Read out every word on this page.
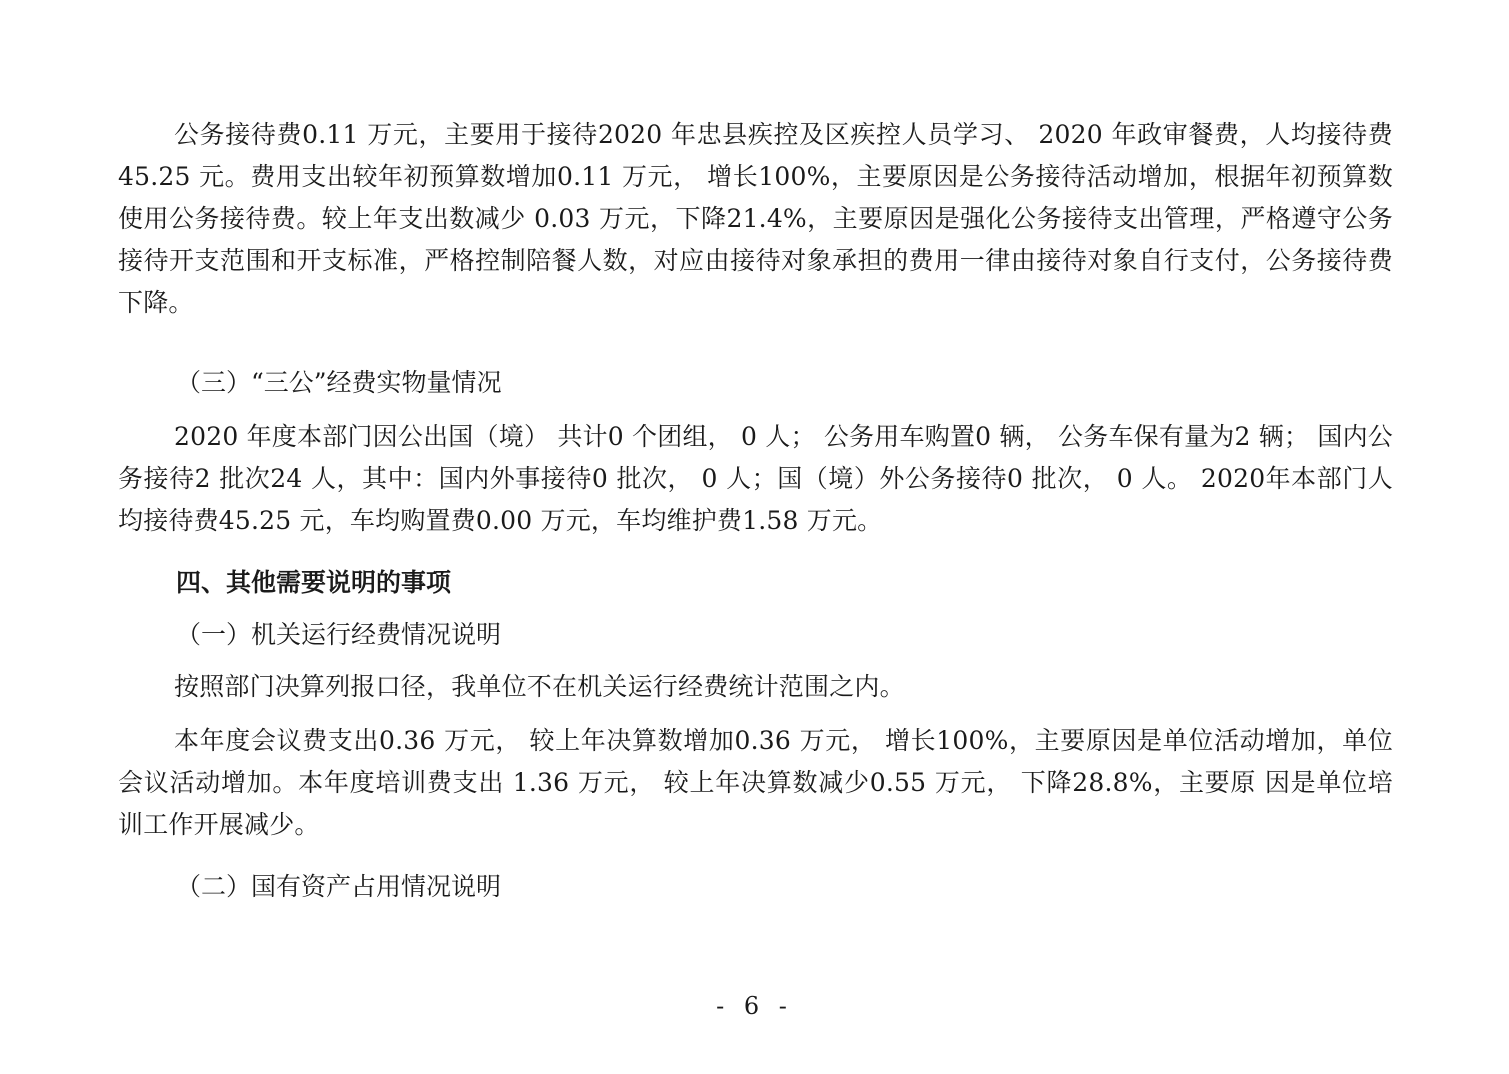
公务接待费0.11 万元，主要用于接待2020 年忠县疾控及区疾控人员学习、 2020 年政审餐费，人均接待费45.25 元。费用支出较年初预算数增加0.11 万元， 增长100%，主要原因是公务接待活动增加，根据年初预算数使用公务接待费。较上年支出数减少 0.03 万元，下降21.4%，主要原因是强化公务接待支出管理，严格遵守公务接待开支范围和开支标准，严格控制陪餐人数，对应由接待对象承担的费用一律由接待对象自行支付，公务接待费下降。

（三）“三公”经费实物量情况

2020 年度本部门因公出国（境） 共计0 个团组， 0 人； 公务用车购置0 辆， 公务车保有量为2 辆； 国内公务接待2 批次24 人，其中：国内外事接待0 批次， 0 人；国（境）外公务接待0 批次， 0 人。 2020年本部门人均接待费45.25 元，车均购置费0.00 万元，车均维护费1.58 万元。

四、其他需要说明的事项

（一）机关运行经费情况说明

按照部门决算列报口径，我单位不在机关运行经费统计范围之内。

本年度会议费支出0.36 万元， 较上年决算数增加0.36 万元， 增长100%，主要原因是单位活动增加，单位会议活动增加。本年度培训费支出 1.36 万元， 较上年决算数减少0.55 万元， 下降28.8%，主要原 因是单位培训工作开展减少。

（二）国有资产占用情况说明

- 6 -
